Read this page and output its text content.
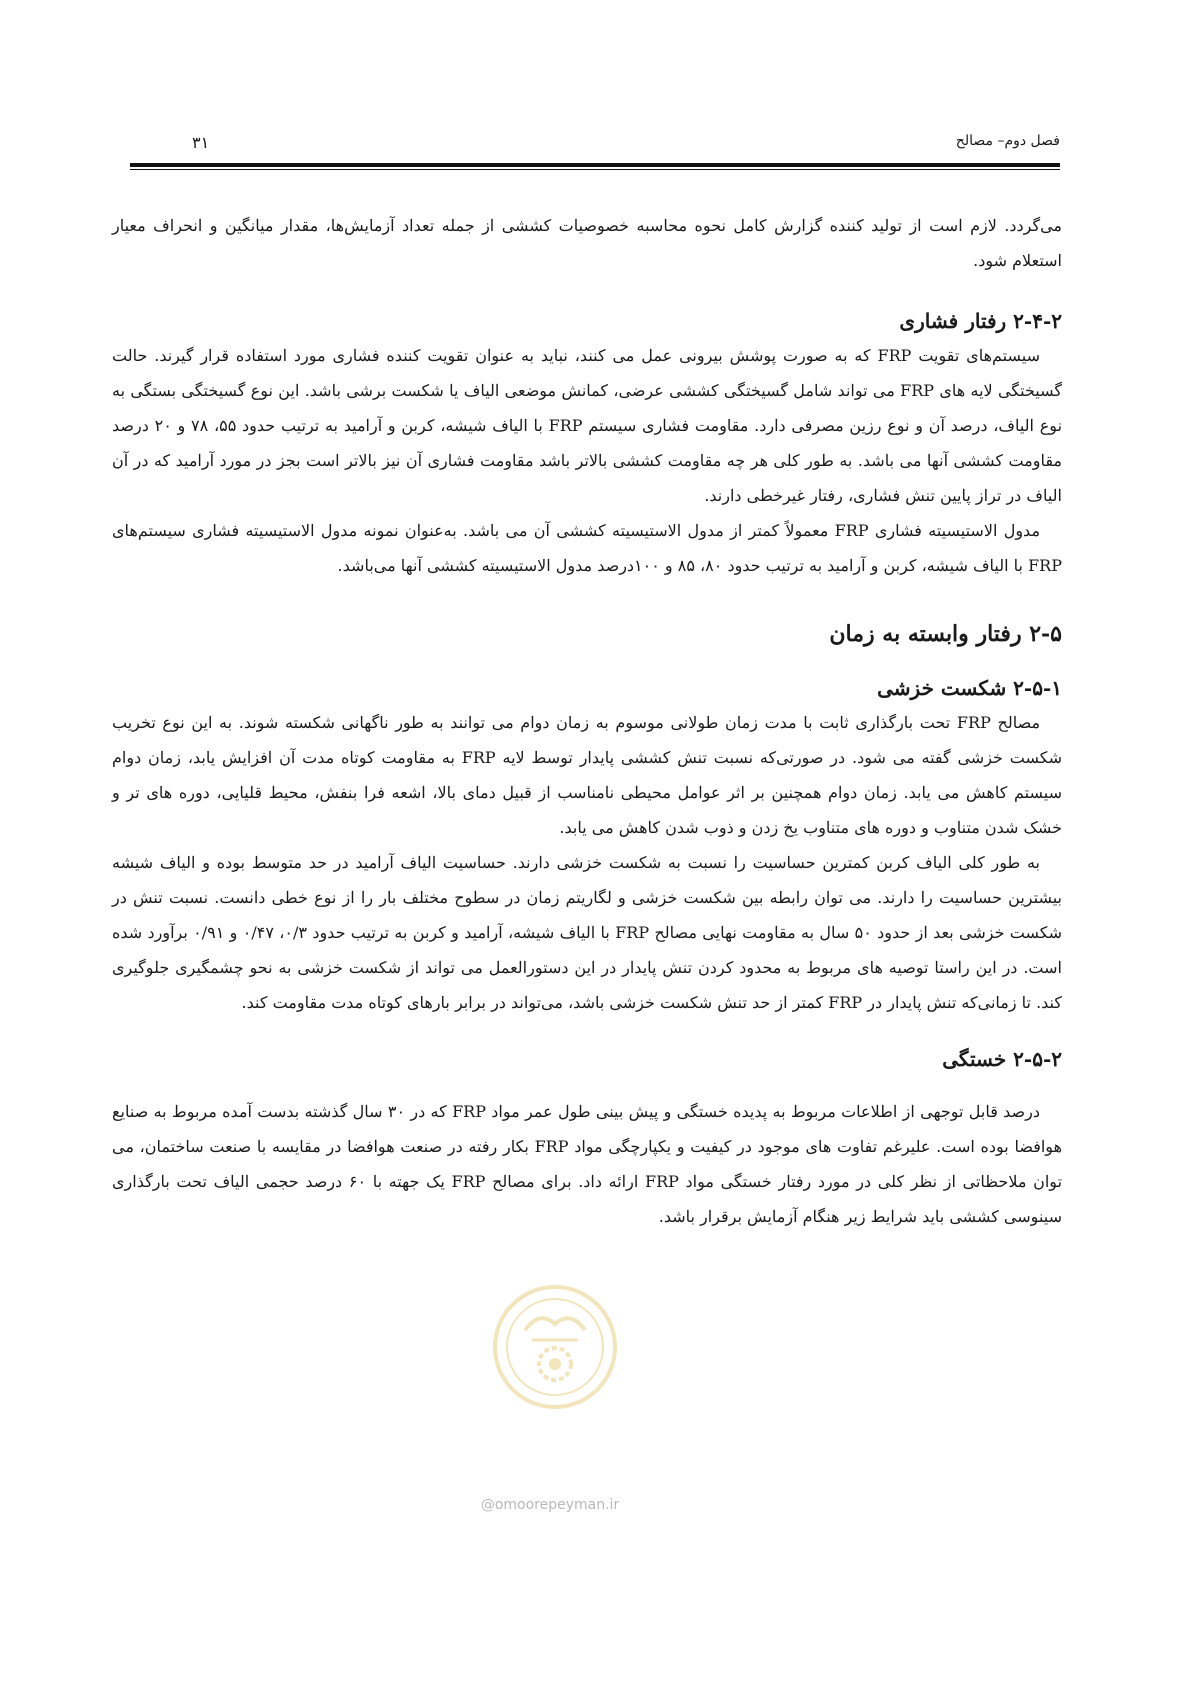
فصل دوم– مصالح
۳۱

می‌گردد. لازم است از تولید کننده گزارش کامل نحوه محاسبه خصوصیات کششی از جمله تعداد آزمایش‌ها، مقدار میانگین و انحراف معیار استعلام شود.

۲-۴-۲ رفتار فشاری

سیستم‌های تقویت FRP که به صورت پوشش بیرونی عمل می کنند، نباید به عنوان تقویت کننده فشاری مورد استفاده قرار گیرند. حالت گسیختگی لایه های FRP می تواند شامل گسیختگی کششی عرضی، کمانش موضعی الیاف یا شکست برشی باشد. این نوع گسیختگی بستگی به نوع الیاف، درصد آن و نوع رزین مصرفی دارد. مقاومت فشاری سیستم FRP با الیاف شیشه، کربن و آرامید به ترتیب حدود ۵۵، ۷۸ و ۲۰ درصد مقاومت کششی آنها می باشد. به طور کلی هر چه مقاومت کششی بالاتر باشد مقاومت فشاری آن نیز بالاتر است بجز در مورد آرامید که در آن الیاف در تراز پایین تنش فشاری، رفتار غیرخطی دارند.

مدول الاستیسیته فشاری FRP معمولاً کمتر از مدول الاستیسیته کششی آن می باشد. به‌عنوان نمونه مدول الاستیسیته فشاری سیستم‌های FRP با الیاف شیشه، کربن و آرامید به ترتیب حدود ۸۰، ۸۵ و ۱۰۰درصد مدول الاستیسیته کششی آنها می‌باشد.

۲-۵ رفتار وابسته به زمان
۲-۵-۱ شکست خزشی

مصالح FRP تحت بارگذاری ثابت با مدت زمان طولانی موسوم به زمان دوام می توانند به طور ناگهانی شکسته شوند. به این نوع تخریب شکست خزشی گفته می شود. در صورتی‌که نسبت تنش کششی پایدار توسط لایه FRP به مقاومت کوتاه مدت آن افزایش یابد، زمان دوام سیستم کاهش می یابد. زمان دوام همچنین بر اثر عوامل محیطی نامناسب از قبیل دمای بالا، اشعه فرا بنفش، محیط قلیایی، دوره های تر و خشک شدن متناوب و دوره های متناوب یخ زدن و ذوب شدن کاهش می یابد.

به طور کلی الیاف کربن کمترین حساسیت را نسبت به شکست خزشی دارند. حساسیت الیاف آرامید در حد متوسط بوده و الیاف شیشه بیشترین حساسیت را دارند. می توان رابطه بین شکست خزشی و لگاریتم زمان در سطوح مختلف بار را از نوع خطی دانست. نسبت تنش در شکست خزشی بعد از حدود ۵۰ سال به مقاومت نهایی مصالح FRP با الیاف شیشه، آرامید و کربن به ترتیب حدود ۰/۳، ۰/۴۷ و ۰/۹۱ برآورد شده است. در این راستا توصیه های مربوط به محدود کردن تنش پایدار در این دستورالعمل می تواند از شکست خزشی به نحو چشمگیری جلوگیری کند. تا زمانی‌که تنش پایدار در FRP کمتر از حد تنش شکست خزشی باشد، می‌تواند در برابر بارهای کوتاه مدت مقاومت کند.

۲-۵-۲ خستگی

درصد قابل توجهی از اطلاعات مربوط به پدیده خستگی و پیش بینی طول عمر مواد FRP که در ۳۰ سال گذشته بدست آمده مربوط به صنایع هوافضا بوده است. علیرغم تفاوت های موجود در کیفیت و یکپارچگی مواد FRP بکار رفته در صنعت هوافضا در مقایسه با صنعت ساختمان، می توان ملاحظاتی از نظر کلی در مورد رفتار خستگی مواد FRP ارائه داد. برای مصالح FRP یک جهته با ۶۰ درصد حجمی الیاف تحت بارگذاری سینوسی کششی باید شرایط زیر هنگام آزمایش برقرار باشد.

@omoorepeyman.ir
